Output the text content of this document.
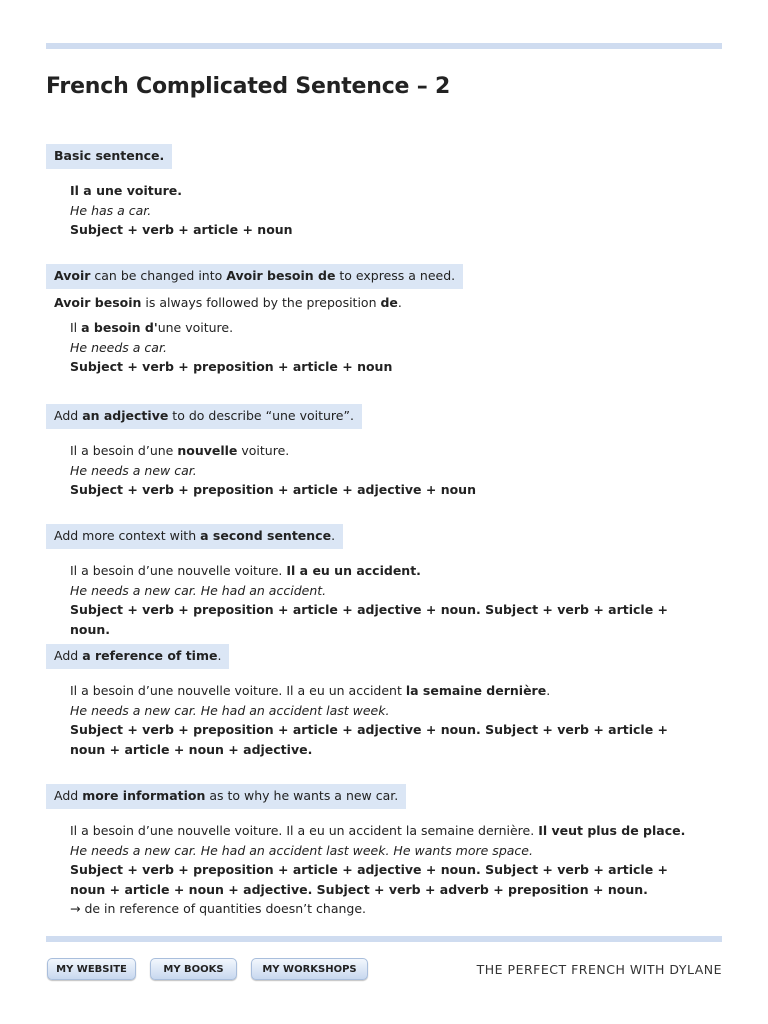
French Complicated Sentence – 2
Basic sentence.
Il a une voiture.
He has a car.
Subject + verb + article + noun
Avoir can be changed into Avoir besoin de to express a need.
Avoir besoin is always followed by the preposition de.
Il a besoin d'une voiture.
He needs a car.
Subject + verb + preposition + article + noun
Add an adjective to do describe “une voiture”.
Il a besoin d’une nouvelle voiture.
He needs a new car.
Subject + verb + preposition + article + adjective + noun
Add more context with a second sentence.
Il a besoin d’une nouvelle voiture. Il a eu un accident.
He needs a new car. He had an accident.
Subject + verb + preposition + article + adjective + noun. Subject + verb + article + noun.
Add a reference of time.
Il a besoin d’une nouvelle voiture. Il a eu un accident la semaine dernière.
He needs a new car. He had an accident last week.
Subject + verb + preposition + article + adjective + noun. Subject + verb + article + noun + article + noun + adjective.
Add more information as to why he wants a new car.
Il a besoin d’une nouvelle voiture. Il a eu un accident la semaine dernière. Il veut plus de place.
He needs a new car. He had an accident last week. He wants more space.
Subject + verb + preposition + article + adjective + noun. Subject + verb + article + noun + article + noun + adjective. Subject + verb + adverb + preposition + noun.
→ de in reference of quantities doesn’t change.
MY WEBSITE	MY BOOKS	MY WORKSHOPS	THE PERFECT FRENCH WITH DYLANE
